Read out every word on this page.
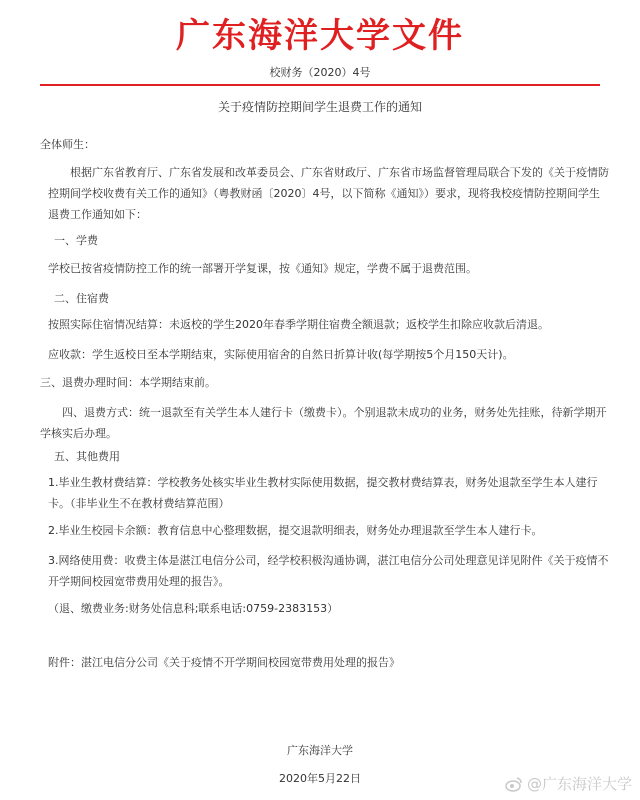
广东海洋大学文件
校财务（2020）4号
关于疫情防控期间学生退费工作的通知
全体师生：
根据广东省教育厅、广东省发展和改革委员会、广东省财政厅、广东省市场监督管理局联合下发的《关于疫情防控期间学校收费有关工作的通知》（粤教财函〔2020〕4号，以下简称《通知》）要求，现将我校疫情防控期间学生退费工作通知如下：
一、学费
学校已按省疫情防控工作的统一部署开学复课，按《通知》规定，学费不属于退费范围。
二、住宿费
按照实际住宿情况结算：未返校的学生2020年春季学期住宿费全额退款；返校学生扣除应收款后清退。
应收款：学生返校日至本学期结束，实际使用宿舍的自然日折算计收(每学期按5个月150天计)。
三、退费办理时间：本学期结束前。
四、退费方式：统一退款至有关学生本人建行卡（缴费卡）。个别退款未成功的业务，财务处先挂账，待新学期开学核实后办理。
五、其他费用
1.毕业生教材费结算：学校教务处核实毕业生教材实际使用数据，提交教材费结算表，财务处退款至学生本人建行卡。（非毕业生不在教材费结算范围）
2.毕业生校园卡余额：教育信息中心整理数据，提交退款明细表，财务处办理退款至学生本人建行卡。
3.网络使用费：收费主体是湛江电信分公司，经学校积极沟通协调，湛江电信分公司处理意见详见附件《关于疫情不开学期间校园宽带费用处理的报告》。
（退、缴费业务:财务处信息科;联系电话:0759-2383153）
附件：湛江电信分公司《关于疫情不开学期间校园宽带费用处理的报告》
广东海洋大学
2020年5月22日	@广东海洋大学
